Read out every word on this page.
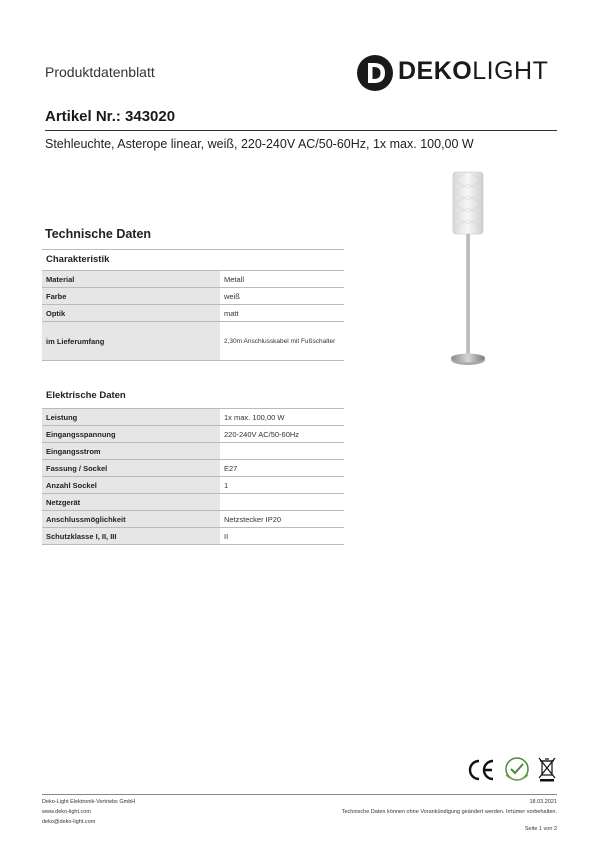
Produktdatenblatt	DEKOLIGHT
Artikel Nr.: 343020
Stehleuchte, Asterope linear, weiß, 220-240V AC/50-60Hz, 1x max. 100,00 W
Technische Daten
Charakteristik
Material	Metall
Farbe	weiß
Optik	matt
im Lieferumfang	2,30m Anschlusskabel mit Fußschalter
Elektrische Daten
Leistung	1x max. 100,00 W
Eingangsspannung	220-240V AC/50-60Hz
Eingangsstrom
Fassung / Sockel	E27
Anzahl Sockel	1
Netzgerät
Anschlussmöglichkeit	Netzstecker IP20
Schutzklasse I, II, III	II
Deko-Light Elektronik-Vertriebs GmbH
www.deko-light.com
deko@deko-light.com
18.03.2021
Technische Daten können ohne Vorankündigung geändert werden. Irrtümer vorbehalten.
Seite 1 von 2
